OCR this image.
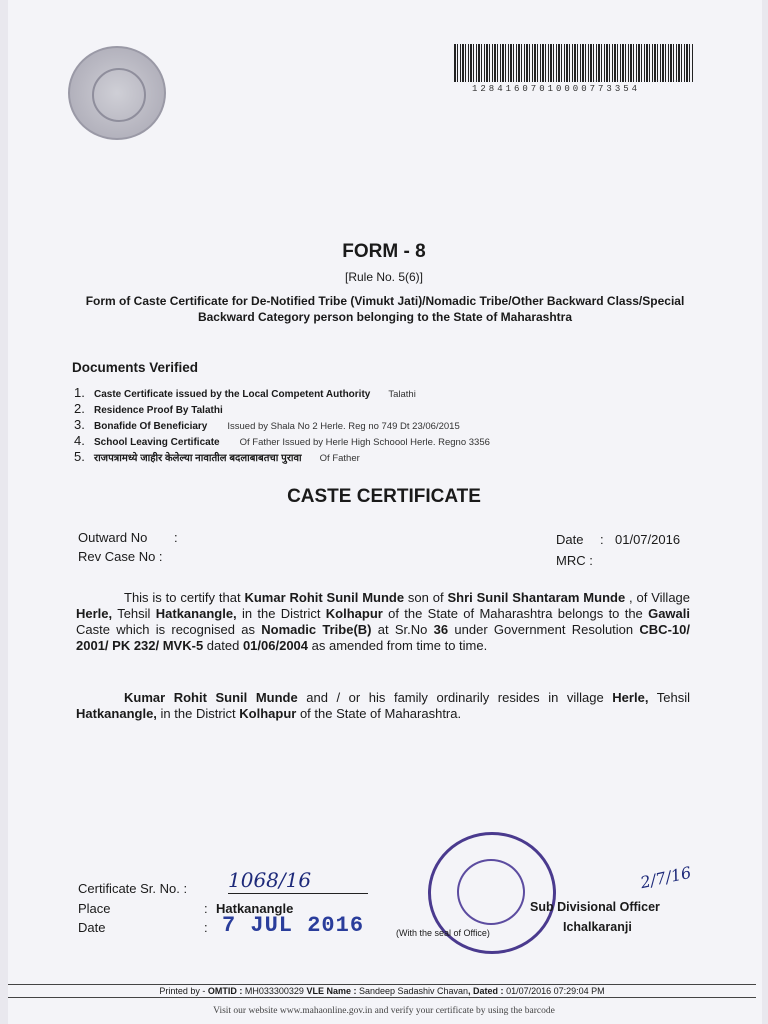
12841607010000773354
FORM - 8
[Rule No. 5(6)]
Form of Caste Certificate for De-Notified Tribe (Vimukt Jati)/Nomadic Tribe/Other Backward Class/Special Backward Category person belonging to the State of Maharashtra
Documents Verified
1. Caste Certificate issued by the Local Competent Authority Talathi
2. Residence Proof By Talathi
3. Bonafide Of Beneficiary Issued by Shala No 2 Herle. Reg no 749 Dt 23/06/2015
4. School Leaving Certificate Of Father Issued by Herle High Schoool Herle. Regno 3356
5. राजपत्रामध्ये जाहीर केलेल्या नावातील बदलाबाबतचा पुरावा Of Father
CASTE CERTIFICATE
Outward No :
Rev Case No :
Date : 01/07/2016
MRC :
This is to certify that Kumar Rohit Sunil Munde son of Shri Sunil Shantaram Munde , of Village Herle, Tehsil Hatkanangle, in the District Kolhapur of the State of Maharashtra belongs to the Gawali Caste which is recognised as Nomadic Tribe(B) at Sr.No 36 under Government Resolution CBC-10/ 2001/ PK 232/ MVK-5 dated 01/06/2004 as amended from time to time.
Kumar Rohit Sunil Munde and / or his family ordinarily resides in village Herle, Tehsil Hatkanangle, in the District Kolhapur of the State of Maharashtra.
Certificate Sr. No. : 1068/16
Place	: Hatkanangle
Date	: 7 JUL 2016	(With the seal of Office)
2/7/16
Sub Divisional Officer
Ichalkaranji
Printed by - OMTID : MH033300329 VLE Name : Sandeep Sadashiv Chavan, Dated : 01/07/2016 07:29:04 PM
Visit our website www.mahaonline.gov.in and verify your certificate by using the barcode
